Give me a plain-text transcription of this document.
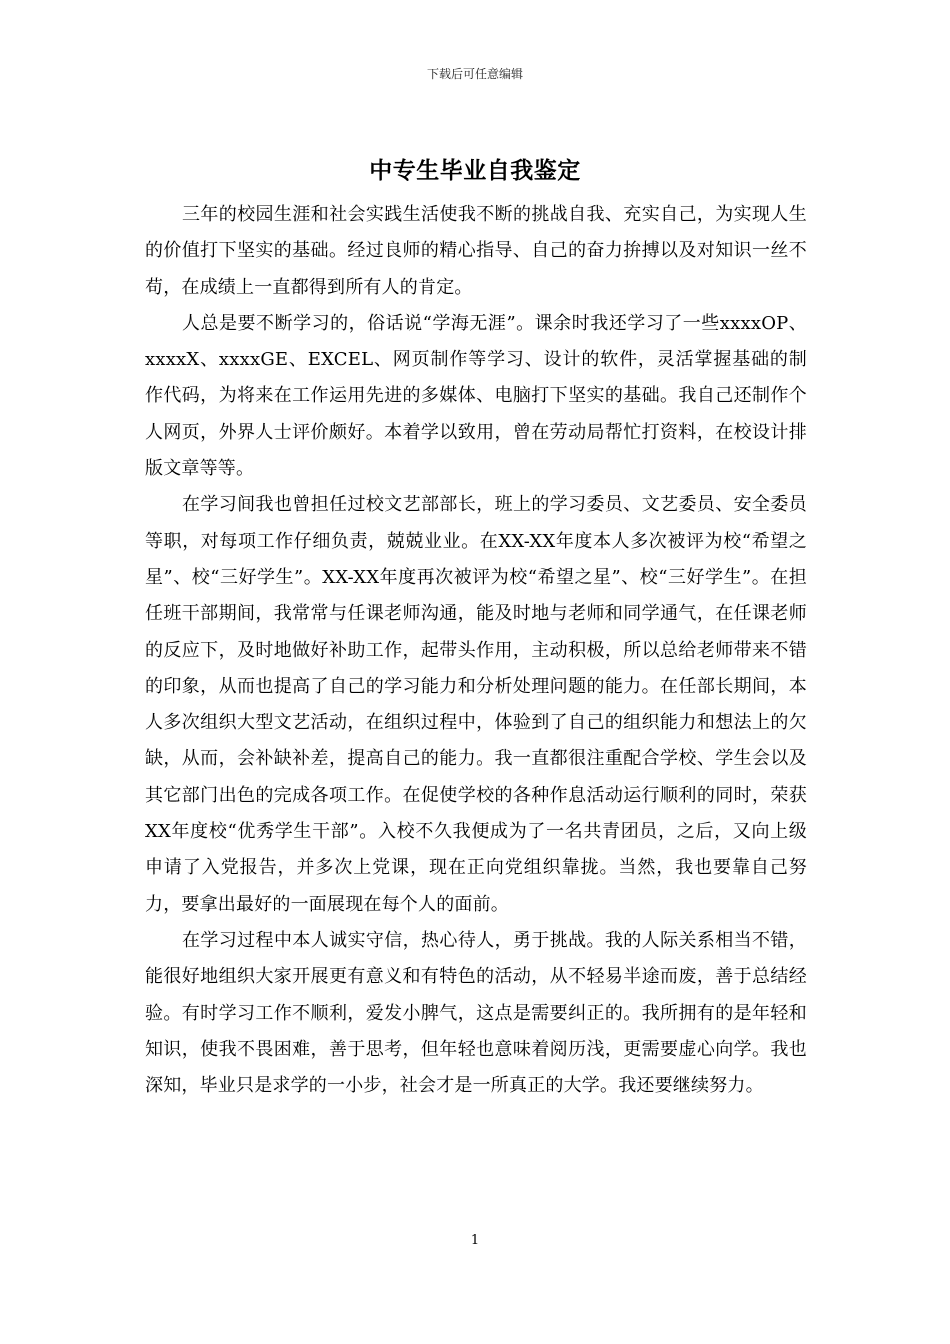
下载后可任意编辑
中专生毕业自我鉴定

三年的校园生涯和社会实践生活使我不断的挑战自我、充实自己，为实现人生的价值打下坚实的基础。经过良师的精心指导、自己的奋力拚搏以及对知识一丝不苟，在成绩上一直都得到所有人的肯定。

人总是要不断学习的，俗话说“学海无涯”。课余时我还学习了一些xxxxOP、xxxxX、xxxxGE、EXCEL、网页制作等学习、设计的软件，灵活掌握基础的制作代码，为将来在工作运用先进的多媒体、电脑打下坚实的基础。我自己还制作个人网页，外界人士评价颇好。本着学以致用，曾在劳动局帮忙打资料，在校设计排版文章等等。

在学习间我也曾担任过校文艺部部长，班上的学习委员、文艺委员、安全委员等职，对每项工作仔细负责，兢兢业业。在XX-XX年度本人多次被评为校“希望之星”、校“三好学生”。XX-XX年度再次被评为校“希望之星”、校“三好学生”。在担任班干部期间，我常常与任课老师沟通，能及时地与老师和同学通气，在任课老师的反应下，及时地做好补助工作，起带头作用，主动积极，所以总给老师带来不错的印象，从而也提高了自己的学习能力和分析处理问题的能力。在任部长期间，本人多次组织大型文艺活动，在组织过程中，体验到了自己的组织能力和想法上的欠缺，从而，会补缺补差，提高自己的能力。我一直都很注重配合学校、学生会以及其它部门出色的完成各项工作。在促使学校的各种作息活动运行顺利的同时，荣获XX年度校“优秀学生干部”。入校不久我便成为了一名共青团员，之后，又向上级申请了入党报告，并多次上党课，现在正向党组织靠拢。当然，我也要靠自己努力，要拿出最好的一面展现在每个人的面前。

在学习过程中本人诚实守信，热心待人，勇于挑战。我的人际关系相当不错，能很好地组织大家开展更有意义和有特色的活动，从不轻易半途而废，善于总结经验。有时学习工作不顺利，爱发小脾气，这点是需要纠正的。我所拥有的是年轻和知识，使我不畏困难，善于思考，但年轻也意味着阅历浅，更需要虚心向学。我也深知，毕业只是求学的一小步，社会才是一所真正的大学。我还要继续努力。

1
